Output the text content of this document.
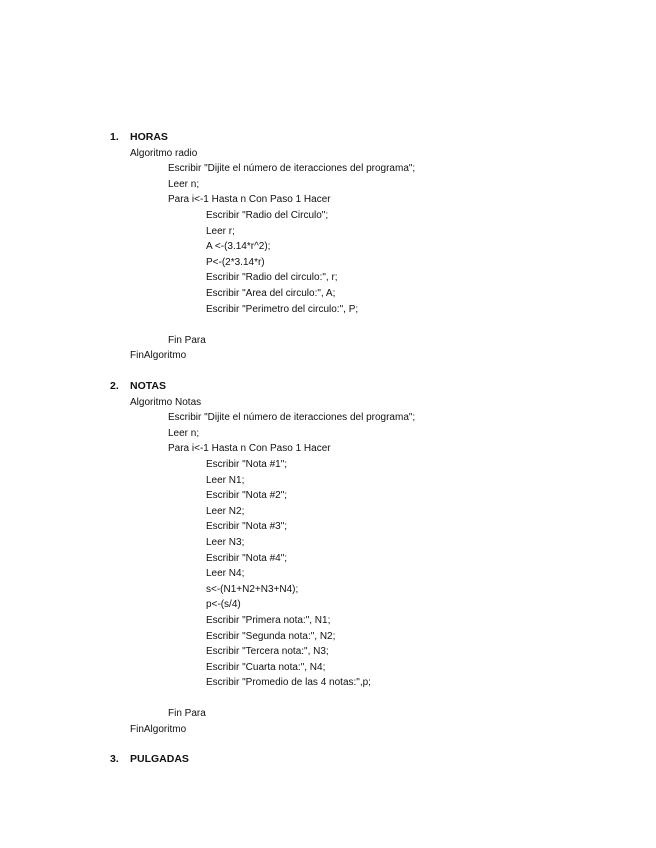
1.	HORAS
Algoritmo radio
Escribir "Dijite el número de iteracciones del programa";
Leer n;
Para i<-1 Hasta n Con Paso 1 Hacer
Escribir "Radio del Circulo";
Leer r;
A <-(3.14*r^2);
P<-(2*3.14*r)
Escribir "Radio del circulo:", r;
Escribir "Area del circulo:", A;
Escribir "Perimetro del circulo:", P;
Fin Para
FinAlgoritmo
2.	NOTAS
Algoritmo Notas
Escribir "Dijite el número de iteracciones del programa";
Leer n;
Para i<-1 Hasta n Con Paso 1 Hacer
Escribir "Nota #1";
Leer N1;
Escribir "Nota #2";
Leer N2;
Escribir "Nota #3";
Leer N3;
Escribir "Nota #4";
Leer N4;
s<-(N1+N2+N3+N4);
p<-(s/4)
Escribir "Primera nota:", N1;
Escribir "Segunda nota:", N2;
Escribir "Tercera nota:", N3;
Escribir "Cuarta nota:", N4;
Escribir "Promedio de las 4 notas:",p;
Fin Para
FinAlgoritmo
3.	PULGADAS
